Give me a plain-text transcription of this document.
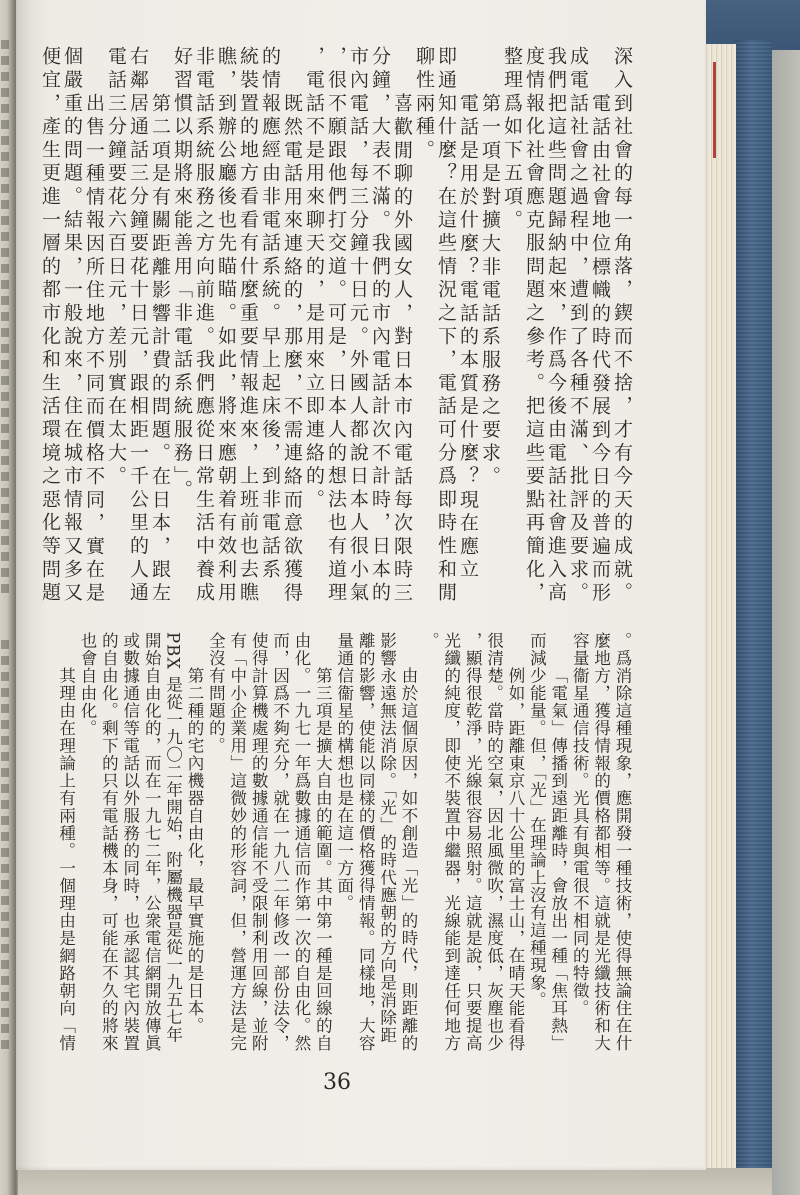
深入到社會的每一角落，鍥而不捨，才有今天的成就。
電話由社會地位標幟的時代發展到今日的普遍而形
成電話社會之過程中，遭到了各種不滿、批評及要求。
我們把這些問題歸納起來，作爲今後由電話社會進入高
度情報化社會應克服問題之參考。把這些要點再簡化，
整理爲如下五項。
第一項是對擴大非電話系服務之要求。
電話是用於什麼？電話的本質是什麼？現在應立
即通知什麼？在這些情況之下，電話可分爲即時性和閒
聊性兩種。
喜歡閒聊的外國女人，對日本市內電話每次限時三
分鐘，大表不滿。我們的市內電話計次不計時，日本的
市內電話，每三分鐘十日元。外國人都說日本人很小氣
，很不願跟他們打交道。可是，日本人的想法也有道理
，電話不是用來聊天的，是用來立即連絡的。
既然電話用來連絡的，那麼，不需連絡而意欲獲得
的情報應經由非電話系統。早上起床後，到非電話系
統裝置的地方看看有什麼重要情報進來，上班前也去瞧
瞧，到辦公廳後也先瞄瞄。如此，將來應朝着有效利用
非電話系統服務之方向前進。我們應從日常生活中養成
好習慣以期將來能善用「非電話系統服務」。
第二項是有關距離影響計費的問題。在日本，跟左
右鄰居通話三分鐘要花十日元，跟相距一千公里的人通
電話三分鐘要花六百日元，差別實在太大。
出售一種情報因所住地方不同而價格不同，實在是
個嚴重的問題。結果，一般說來，住在城市情報又多又
便宜，產生更進一層的都市化和生活環境之惡化等問題
。爲消除這種現象，應開發一種技術，使得無論住在什
麼地方，獲得情報的價格都相等。這就是光纖技術和大
容量衞星通信技術。光具有與電很不相同的特徵。
「電氣」傳播到遠距離時，會放出一種「焦耳熱」
而減少能量。但，「光」在理論上沒有這種現象。
例如，距離東京八十公里的富士山，在晴天能看得
很清楚。當時的空氣，因北風微吹，濕度低，灰塵也少
，顯得很乾淨，光線很容易照射。這就是說，只要提高
光纖的純度，即使不裝置中繼器，光線能到達任何地方
。
由於這個原因，如不創造「光」的時代，則距離的
影響永遠無法消除。「光」的時代應朝的方向是消除距
離的影響，使能以同樣的價格獲得情報。同樣地，大容
量通信衞星的構想也是在這一方面。
第三項是擴大自由的範圍。其中第一種是回線的自
由化。一九七一年爲數據通信而作第一次的自由化。然
而，因爲不夠充分，就在一九八二年修改一部份法令，
使得計算機處理的數據通信能不受限制利用回線，並附
有「中小企業用」這微妙的形容詞，但，營運方法是完
全沒有問題的。
第二種的宅內機器自由化，最早實施的是日本。
PBX 是從一九〇二年開始，附屬機器是從一九五七年
開始自由化的，而在一九七二年，公衆電信網開放傳眞
或數據通信等電話以外服務的同時，也承認其宅內裝置
的自由化。剩下的只有電話機本身，可能在不久的將來
也會自由化。
其理由在理論上有兩種。一個理由是網路朝向「情
36
